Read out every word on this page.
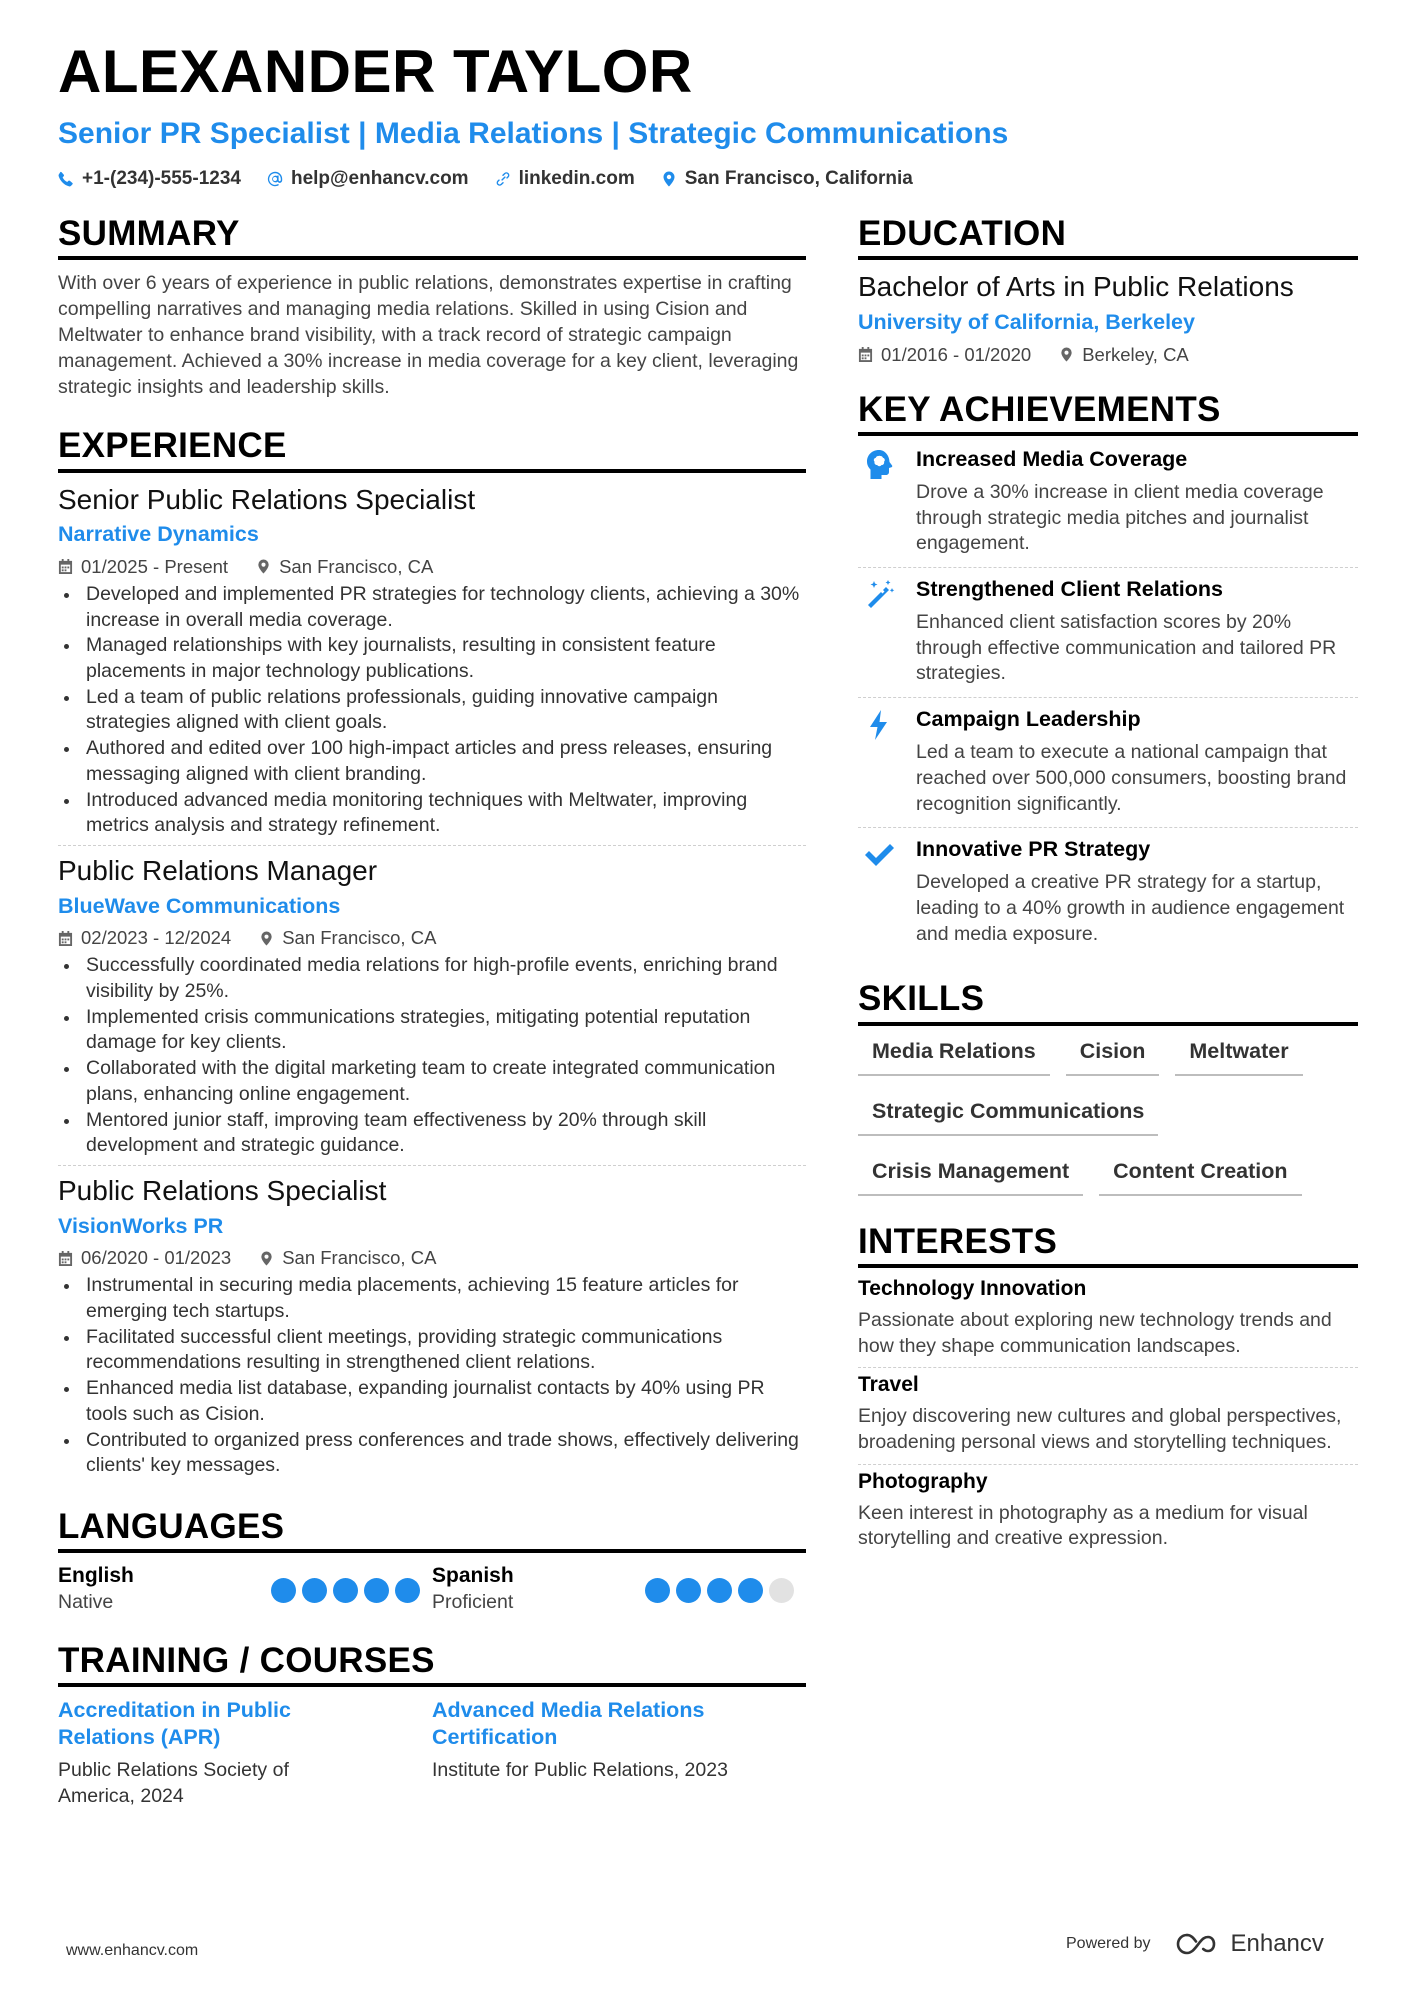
ALEXANDER TAYLOR
Senior PR Specialist | Media Relations | Strategic Communications
+1-(234)-555-1234	help@enhancv.com	linkedin.com	San Francisco, California
SUMMARY

With over 6 years of experience in public relations, demonstrates expertise in crafting compelling narratives and managing media relations. Skilled in using Cision and Meltwater to enhance brand visibility, with a track record of strategic campaign management. Achieved a 30% increase in media coverage for a key client, leveraging strategic insights and leadership skills.

EXPERIENCE
Senior Public Relations Specialist
Narrative Dynamics
01/2025 - Present	San Francisco, CA
Developed and implemented PR strategies for technology clients, achieving a 30% increase in overall media coverage.
Managed relationships with key journalists, resulting in consistent feature placements in major technology publications.
Led a team of public relations professionals, guiding innovative campaign strategies aligned with client goals.
Authored and edited over 100 high-impact articles and press releases, ensuring messaging aligned with client branding.
Introduced advanced media monitoring techniques with Meltwater, improving metrics analysis and strategy refinement.
Public Relations Manager
BlueWave Communications
02/2023 - 12/2024	San Francisco, CA
Successfully coordinated media relations for high-profile events, enriching brand visibility by 25%.
Implemented crisis communications strategies, mitigating potential reputation damage for key clients.
Collaborated with the digital marketing team to create integrated communication plans, enhancing online engagement.
Mentored junior staff, improving team effectiveness by 20% through skill development and strategic guidance.
Public Relations Specialist
VisionWorks PR
06/2020 - 01/2023	San Francisco, CA
Instrumental in securing media placements, achieving 15 feature articles for emerging tech startups.
Facilitated successful client meetings, providing strategic communications recommendations resulting in strengthened client relations.
Enhanced media list database, expanding journalist contacts by 40% using PR tools such as Cision.
Contributed to organized press conferences and trade shows, effectively delivering clients' key messages.
LANGUAGES
English
Native
Spanish
Proficient
TRAINING / COURSES
Accreditation in Public Relations (APR)
Public Relations Society of America, 2024
Advanced Media Relations Certification
Institute for Public Relations, 2023
EDUCATION
Bachelor of Arts in Public Relations
University of California, Berkeley
01/2016 - 01/2020	Berkeley, CA
KEY ACHIEVEMENTS
Increased Media Coverage
Drove a 30% increase in client media coverage through strategic media pitches and journalist engagement.
Strengthened Client Relations
Enhanced client satisfaction scores by 20% through effective communication and tailored PR strategies.
Campaign Leadership
Led a team to execute a national campaign that reached over 500,000 consumers, boosting brand recognition significantly.
Innovative PR Strategy
Developed a creative PR strategy for a startup, leading to a 40% growth in audience engagement and media exposure.
SKILLS
Media Relations	Cision	Meltwater
Strategic Communications
Crisis Management	Content Creation
INTERESTS
Technology Innovation
Passionate about exploring new technology trends and how they shape communication landscapes.
Travel
Enjoy discovering new cultures and global perspectives, broadening personal views and storytelling techniques.
Photography
Keen interest in photography as a medium for visual storytelling and creative expression.
www.enhancv.com	Powered by	Enhancv
